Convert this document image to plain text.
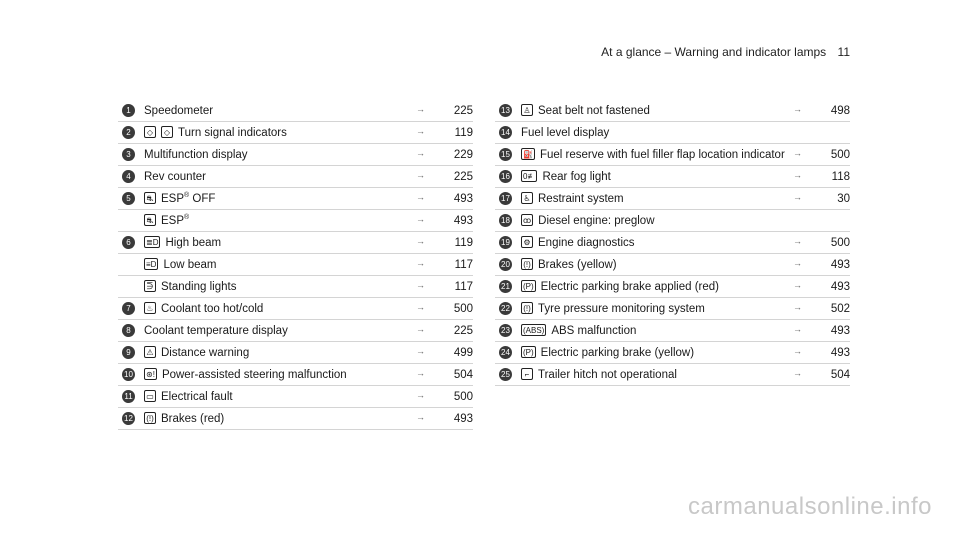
At a glance – Warning and indicator lamps 11
1	Speedometer	→	225
2	◇	◇ Turn signal indicators	→	119
3	Multifunction display	→	229
4	Rev counter	→	225
5	⛐ ESP® OFF	→	493
⛐ ESP®	→	493
6	≣D High beam	→	119
≡D Low beam	→	117
⋽ Standing lights	→	117
7	♨ Coolant too hot/cold	→	500
8	Coolant temperature display	→	225
9	⚠ Distance warning	→	499
10 ⊛! Power-assisted steering malfunction	→	504
11 ▭ Electrical fault	→	500
12 (!) Brakes (red)	→	493
13	♙ Seat belt not fastened	→	498
14 Fuel level display
15 ⛽ Fuel reserve with fuel filler flap location indicator →	500
16 0≢ Rear fog light	→	118
17	♿ Restraint system	→	30
18 ꝏ Diesel engine: preglow
19	⚙ Engine diagnostics	→	500
20 (!) Brakes (yellow)	→	493
21 (P) Electric parking brake applied (red)	→	493
22 (!) Tyre pressure monitoring system	→	502
23 (ABS) ABS malfunction	→	493
24 (P) Electric parking brake (yellow)	→	493
25	⌐ Trailer hitch not operational	→	504
carmanualsonline.info
